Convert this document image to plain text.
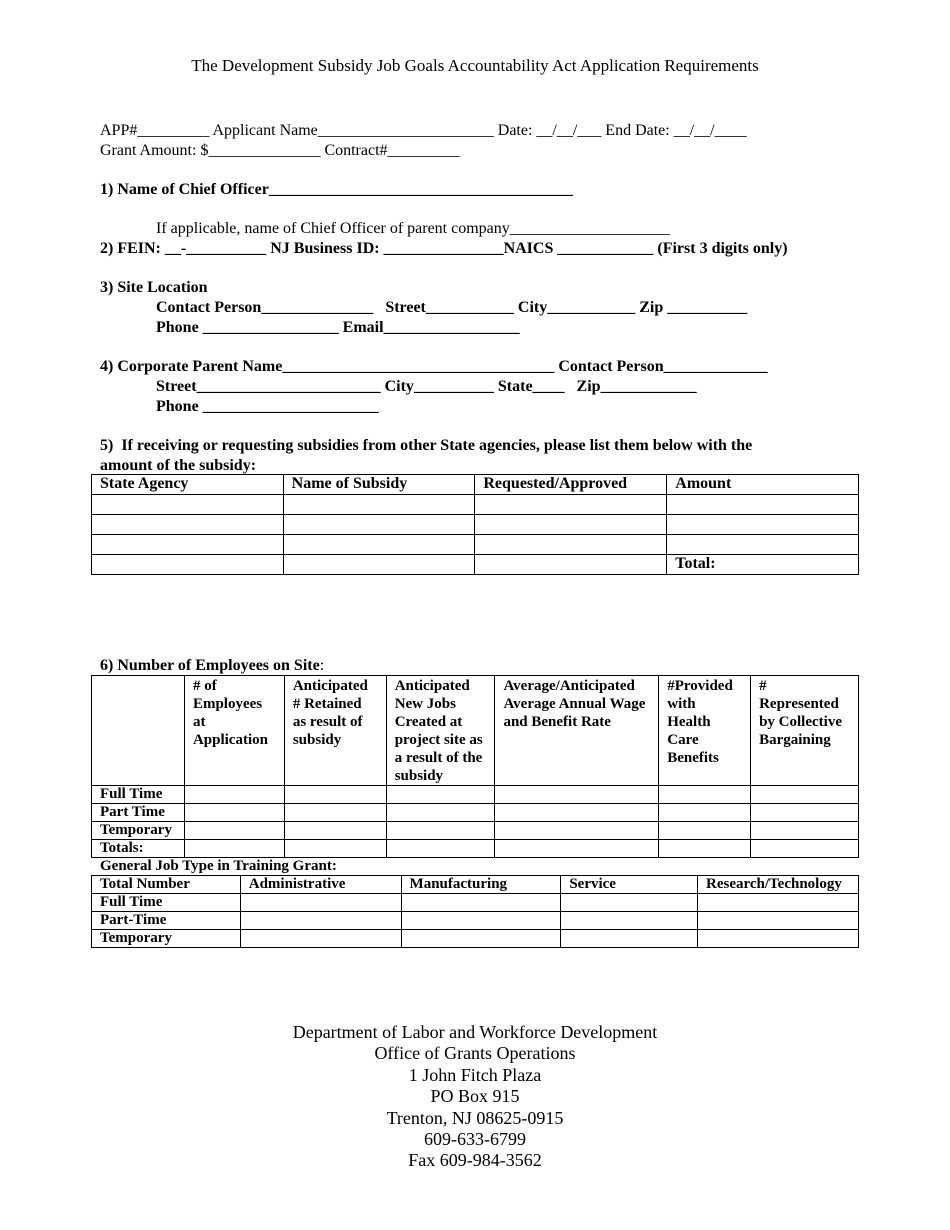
The Development Subsidy Job Goals Accountability Act Application Requirements
APP#_________ Applicant Name______________________ Date: __/__/___ End Date: __/__/____
Grant Amount: $______________ Contract#_________
1) Name of Chief Officer______________________________________
If applicable, name of Chief Officer of parent company____________________
2) FEIN: __-__________ NJ Business ID: _______________NAICS ____________ (First 3 digits only)
3) Site Location
Contact Person______________   Street___________ City___________ Zip __________
Phone _________________ Email_________________
4) Corporate Parent Name__________________________________ Contact Person_____________
Street_______________________ City__________ State____   Zip____________
Phone ______________________
5)  If receiving or requesting subsidies from other State agencies, please list them below with the
amount of the subsidy:
State Agency	Name of Subsidy	Requested/Approved	Amount

			Total:
6) Number of Employees on Site:
	# of Employees at Application	Anticipated # Retained as result of subsidy	Anticipated New Jobs Created at project site as a result of the subsidy	Average/Anticipated Average Annual Wage and Benefit Rate	#Provided with Health Care Benefits	# Represented by Collective Bargaining
Full Time						
Part Time						
Temporary						
Totals:						
General Job Type in Training Grant:
Total Number	Administrative	Manufacturing	Service	Research/Technology
Full Time				
Part-Time				
Temporary				
Department of Labor and Workforce Development
Office of Grants Operations
1 John Fitch Plaza
PO Box 915
Trenton, NJ 08625-0915
609-633-6799
Fax 609-984-3562
